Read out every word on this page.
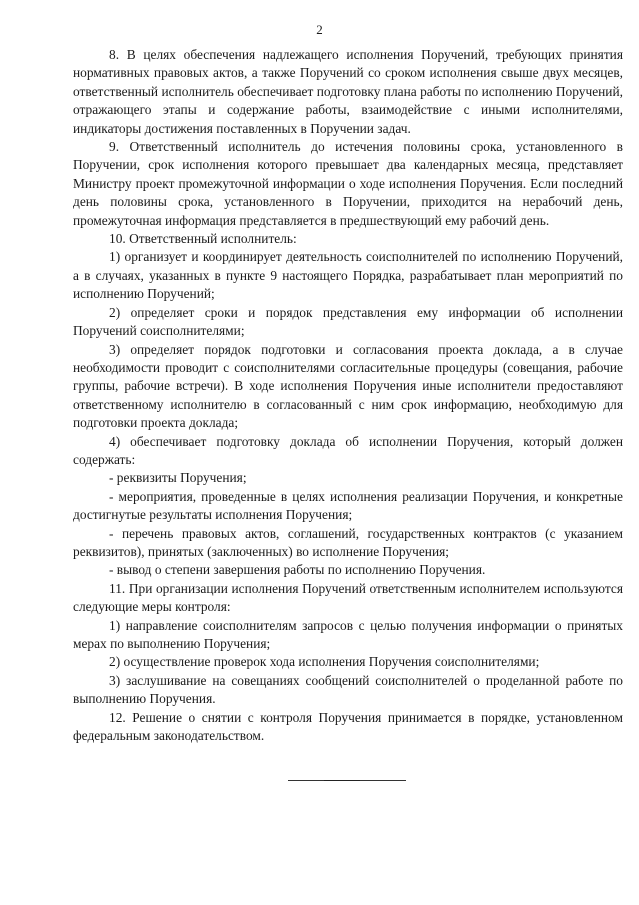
2

8. В целях обеспечения надлежащего исполнения Поручений, требующих принятия нормативных правовых актов, а также Поручений со сроком исполнения свыше двух месяцев, ответственный исполнитель обеспечивает подготовку плана работы по исполнению Поручений, отражающего этапы и содержание работы, взаимодействие с иными исполнителями, индикаторы достижения поставленных в Поручении задач.

9. Ответственный исполнитель до истечения половины срока, установленного в Поручении, срок исполнения которого превышает два календарных месяца, представляет Министру проект промежуточной информации о ходе исполнения Поручения. Если последний день половины срока, установленного в Поручении, приходится на нерабочий день, промежуточная информация представляется в предшествующий ему рабочий день.

10. Ответственный исполнитель:

1) организует и координирует деятельность соисполнителей по исполнению Поручений, а в случаях, указанных в пункте 9 настоящего Порядка, разрабатывает план мероприятий по исполнению Поручений;

2) определяет сроки и порядок представления ему информации об исполнении Поручений соисполнителями;

3) определяет порядок подготовки и согласования проекта доклада, а в случае необходимости проводит с соисполнителями согласительные процедуры (совещания, рабочие группы, рабочие встречи). В ходе исполнения Поручения иные исполнители предоставляют ответственному исполнителю в согласованный с ним срок информацию, необходимую для подготовки проекта доклада;

4) обеспечивает подготовку доклада об исполнении Поручения, который должен содержать:

- реквизиты Поручения;

- мероприятия, проведенные в целях исполнения реализации Поручения, и конкретные достигнутые результаты исполнения Поручения;

- перечень правовых актов, соглашений, государственных контрактов (с указанием реквизитов), принятых (заключенных) во исполнение Поручения;

- вывод о степени завершения работы по исполнению Поручения.

11. При организации исполнения Поручений ответственным исполнителем используются следующие меры контроля:

1) направление соисполнителям запросов с целью получения информации о принятых мерах по выполнению Поручения;

2) осуществление проверок хода исполнения Поручения соисполнителями;

3) заслушивание на совещаниях сообщений соисполнителей о проделанной работе по выполнению Поручения.

12. Решение о снятии с контроля Поручения принимается в порядке, установленном федеральным законодательством.
